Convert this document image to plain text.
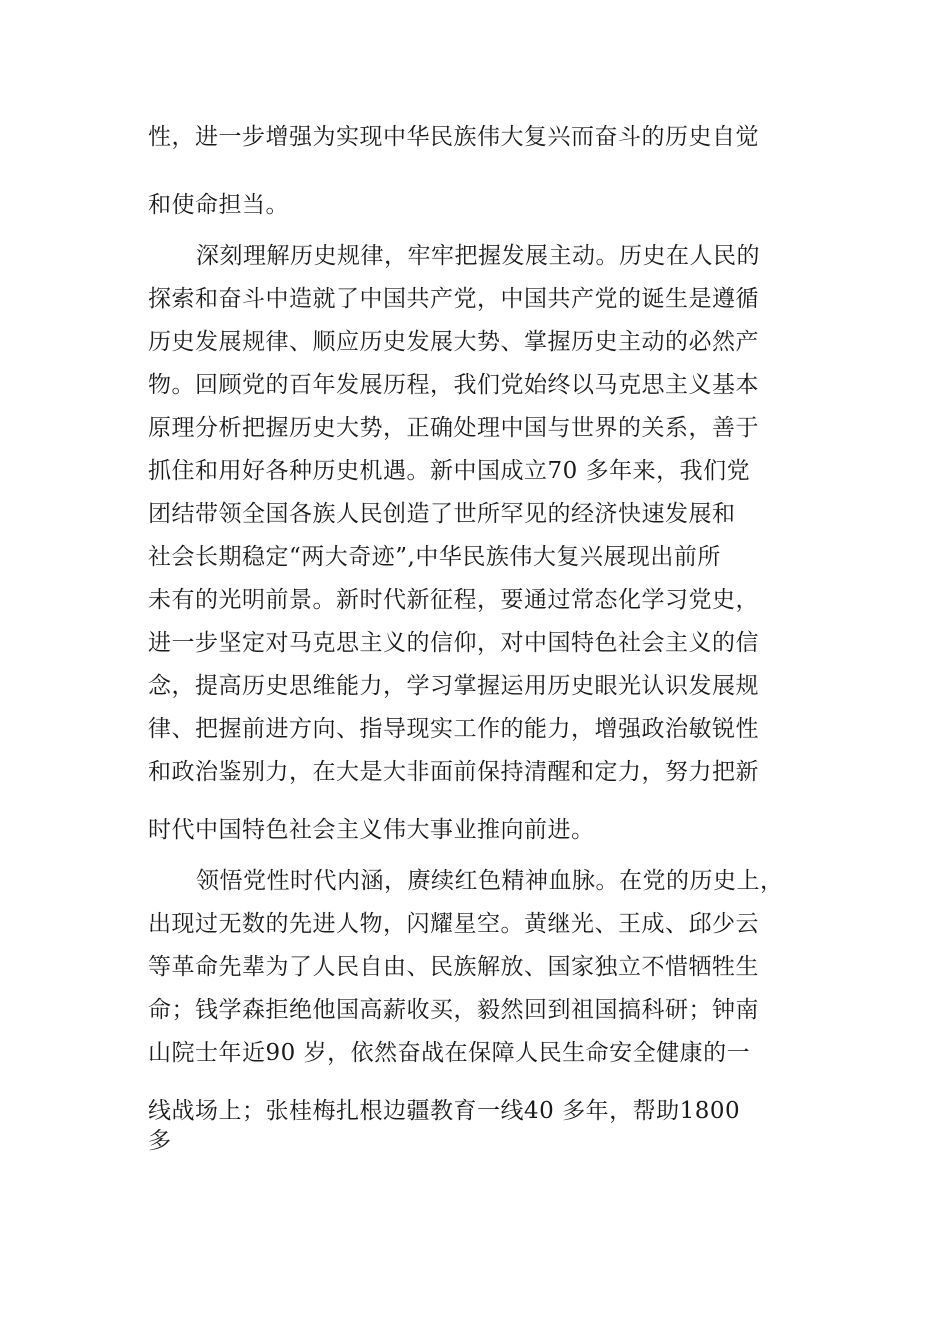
性，进一步增强为实现中华民族伟大复兴而奋斗的历史自觉
和使命担当。
深刻理解历史规律，牢牢把握发展主动。历史在人民的
探索和奋斗中造就了中国共产党，中国共产党的诞生是遵循
历史发展规律、顺应历史发展大势、掌握历史主动的必然产
物。回顾党的百年发展历程，我们党始终以马克思主义基本
原理分析把握历史大势，正确处理中国与世界的关系，善于
抓住和用好各种历史机遇。新中国成立70 多年来，我们党
团结带领全国各族人民创造了世所罕见的经济快速发展和
社会长期稳定“两大奇迹”,中华民族伟大复兴展现出前所
未有的光明前景。新时代新征程，要通过常态化学习党史，
进一步坚定对马克思主义的信仰，对中国特色社会主义的信
念，提高历史思维能力，学习掌握运用历史眼光认识发展规
律、把握前进方向、指导现实工作的能力，增强政治敏锐性
和政治鉴别力，在大是大非面前保持清醒和定力，努力把新
时代中国特色社会主义伟大事业推向前进。
领悟党性时代内涵，赓续红色精神血脉。在党的历史上，
出现过无数的先进人物，闪耀星空。黄继光、王成、邱少云
等革命先辈为了人民自由、民族解放、国家独立不惜牺牲生
命；钱学森拒绝他国高薪收买，毅然回到祖国搞科研；钟南
山院士年近90 岁，依然奋战在保障人民生命安全健康的一
线战场上；张桂梅扎根边疆教育一线40 多年，帮助1800
多
